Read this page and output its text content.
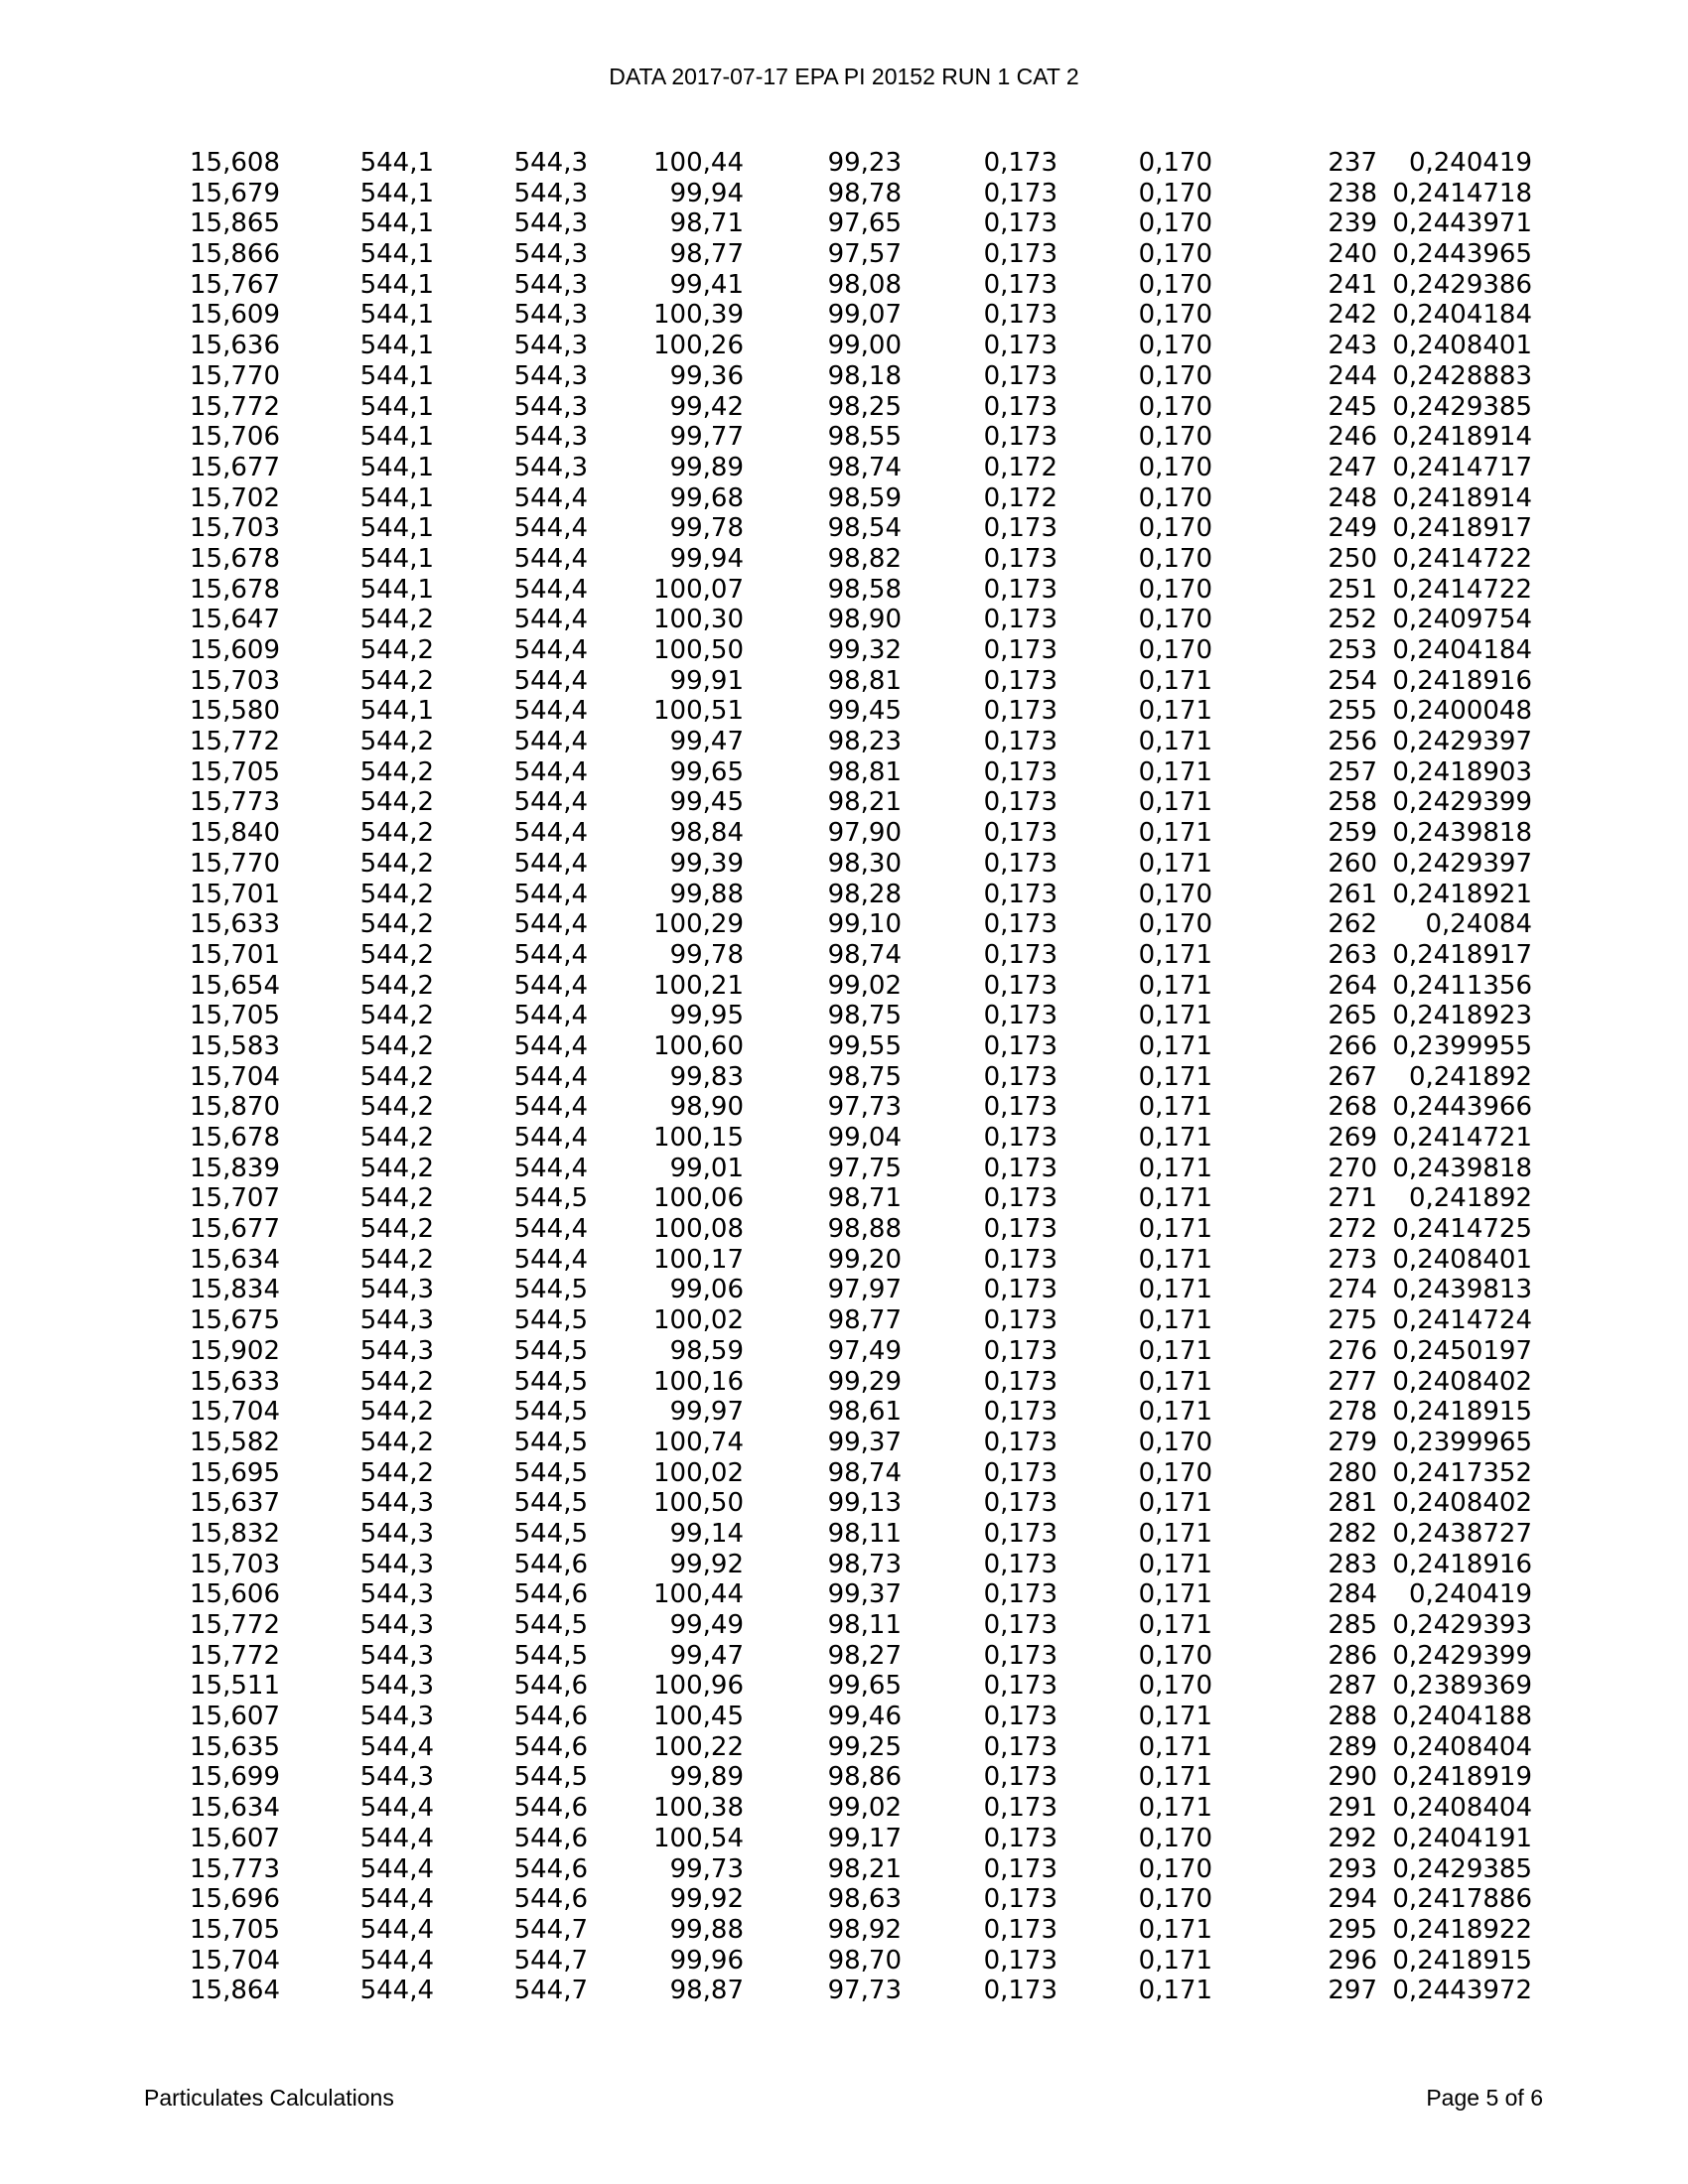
DATA 2017-07-17 EPA PI 20152 RUN 1 CAT 2
15,608	544,1	544,3	100,44	99,23	0,173	0,170	237	0,240419
15,679	544,1	544,3	99,94	98,78	0,173	0,170	238	0,2414718
15,865	544,1	544,3	98,71	97,65	0,173	0,170	239	0,2443971
15,866	544,1	544,3	98,77	97,57	0,173	0,170	240	0,2443965
15,767	544,1	544,3	99,41	98,08	0,173	0,170	241	0,2429386
15,609	544,1	544,3	100,39	99,07	0,173	0,170	242	0,2404184
15,636	544,1	544,3	100,26	99,00	0,173	0,170	243	0,2408401
15,770	544,1	544,3	99,36	98,18	0,173	0,170	244	0,2428883
15,772	544,1	544,3	99,42	98,25	0,173	0,170	245	0,2429385
15,706	544,1	544,3	99,77	98,55	0,173	0,170	246	0,2418914
15,677	544,1	544,3	99,89	98,74	0,172	0,170	247	0,2414717
15,702	544,1	544,4	99,68	98,59	0,172	0,170	248	0,2418914
15,703	544,1	544,4	99,78	98,54	0,173	0,170	249	0,2418917
15,678	544,1	544,4	99,94	98,82	0,173	0,170	250	0,2414722
15,678	544,1	544,4	100,07	98,58	0,173	0,170	251	0,2414722
15,647	544,2	544,4	100,30	98,90	0,173	0,170	252	0,2409754
15,609	544,2	544,4	100,50	99,32	0,173	0,170	253	0,2404184
15,703	544,2	544,4	99,91	98,81	0,173	0,171	254	0,2418916
15,580	544,1	544,4	100,51	99,45	0,173	0,171	255	0,2400048
15,772	544,2	544,4	99,47	98,23	0,173	0,171	256	0,2429397
15,705	544,2	544,4	99,65	98,81	0,173	0,171	257	0,2418903
15,773	544,2	544,4	99,45	98,21	0,173	0,171	258	0,2429399
15,840	544,2	544,4	98,84	97,90	0,173	0,171	259	0,2439818
15,770	544,2	544,4	99,39	98,30	0,173	0,171	260	0,2429397
15,701	544,2	544,4	99,88	98,28	0,173	0,170	261	0,2418921
15,633	544,2	544,4	100,29	99,10	0,173	0,170	262	0,24084
15,701	544,2	544,4	99,78	98,74	0,173	0,171	263	0,2418917
15,654	544,2	544,4	100,21	99,02	0,173	0,171	264	0,2411356
15,705	544,2	544,4	99,95	98,75	0,173	0,171	265	0,2418923
15,583	544,2	544,4	100,60	99,55	0,173	0,171	266	0,2399955
15,704	544,2	544,4	99,83	98,75	0,173	0,171	267	0,241892
15,870	544,2	544,4	98,90	97,73	0,173	0,171	268	0,2443966
15,678	544,2	544,4	100,15	99,04	0,173	0,171	269	0,2414721
15,839	544,2	544,4	99,01	97,75	0,173	0,171	270	0,2439818
15,707	544,2	544,5	100,06	98,71	0,173	0,171	271	0,241892
15,677	544,2	544,4	100,08	98,88	0,173	0,171	272	0,2414725
15,634	544,2	544,4	100,17	99,20	0,173	0,171	273	0,2408401
15,834	544,3	544,5	99,06	97,97	0,173	0,171	274	0,2439813
15,675	544,3	544,5	100,02	98,77	0,173	0,171	275	0,2414724
15,902	544,3	544,5	98,59	97,49	0,173	0,171	276	0,2450197
15,633	544,2	544,5	100,16	99,29	0,173	0,171	277	0,2408402
15,704	544,2	544,5	99,97	98,61	0,173	0,171	278	0,2418915
15,582	544,2	544,5	100,74	99,37	0,173	0,170	279	0,2399965
15,695	544,2	544,5	100,02	98,74	0,173	0,170	280	0,2417352
15,637	544,3	544,5	100,50	99,13	0,173	0,171	281	0,2408402
15,832	544,3	544,5	99,14	98,11	0,173	0,171	282	0,2438727
15,703	544,3	544,6	99,92	98,73	0,173	0,171	283	0,2418916
15,606	544,3	544,6	100,44	99,37	0,173	0,171	284	0,240419
15,772	544,3	544,5	99,49	98,11	0,173	0,171	285	0,2429393
15,772	544,3	544,5	99,47	98,27	0,173	0,170	286	0,2429399
15,511	544,3	544,6	100,96	99,65	0,173	0,170	287	0,2389369
15,607	544,3	544,6	100,45	99,46	0,173	0,171	288	0,2404188
15,635	544,4	544,6	100,22	99,25	0,173	0,171	289	0,2408404
15,699	544,3	544,5	99,89	98,86	0,173	0,171	290	0,2418919
15,634	544,4	544,6	100,38	99,02	0,173	0,171	291	0,2408404
15,607	544,4	544,6	100,54	99,17	0,173	0,170	292	0,2404191
15,773	544,4	544,6	99,73	98,21	0,173	0,170	293	0,2429385
15,696	544,4	544,6	99,92	98,63	0,173	0,170	294	0,2417886
15,705	544,4	544,7	99,88	98,92	0,173	0,171	295	0,2418922
15,704	544,4	544,7	99,96	98,70	0,173	0,171	296	0,2418915
15,864	544,4	544,7	98,87	97,73	0,173	0,171	297	0,2443972
Particulates Calculations	Page 5 of 6
